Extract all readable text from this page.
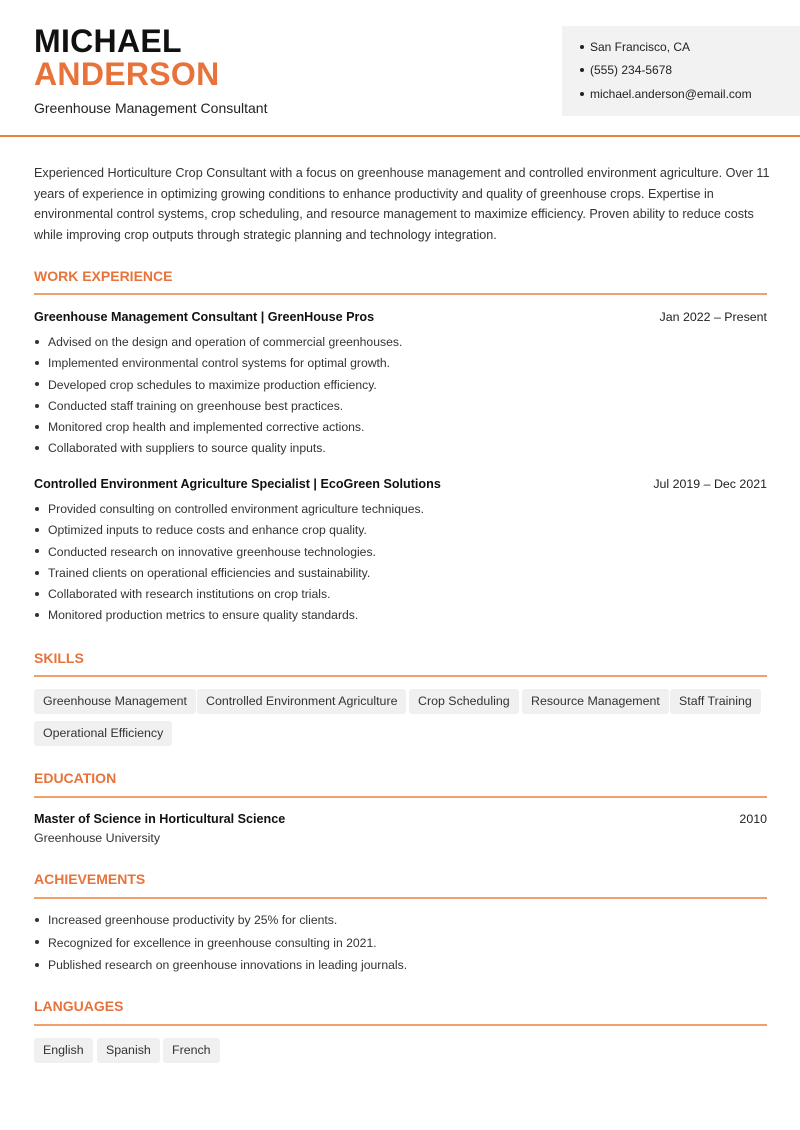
MICHAEL
ANDERSON
Greenhouse Management Consultant
San Francisco, CA
(555) 234-5678
michael.anderson@email.com

Experienced Horticulture Crop Consultant with a focus on greenhouse management and controlled environment agriculture. Over 11 years of experience in optimizing growing conditions to enhance productivity and quality of greenhouse crops. Expertise in environmental control systems, crop scheduling, and resource management to maximize efficiency. Proven ability to reduce costs while improving crop outputs through strategic planning and technology integration.

WORK EXPERIENCE
Greenhouse Management Consultant | GreenHouse Pros	Jan 2022 – Present
Advised on the design and operation of commercial greenhouses.
Implemented environmental control systems for optimal growth.
Developed crop schedules to maximize production efficiency.
Conducted staff training on greenhouse best practices.
Monitored crop health and implemented corrective actions.
Collaborated with suppliers to source quality inputs.
Controlled Environment Agriculture Specialist | EcoGreen Solutions	Jul 2019 – Dec 2021
Provided consulting on controlled environment agriculture techniques.
Optimized inputs to reduce costs and enhance crop quality.
Conducted research on innovative greenhouse technologies.
Trained clients on operational efficiencies and sustainability.
Collaborated with research institutions on crop trials.
Monitored production metrics to ensure quality standards.
SKILLS
Greenhouse Management	Controlled Environment Agriculture	Crop Scheduling	Resource Management	Staff Training
Operational Efficiency
EDUCATION
Master of Science in Horticultural Science	2010
Greenhouse University
ACHIEVEMENTS
Increased greenhouse productivity by 25% for clients.
Recognized for excellence in greenhouse consulting in 2021.
Published research on greenhouse innovations in leading journals.
LANGUAGES
English	Spanish	French
